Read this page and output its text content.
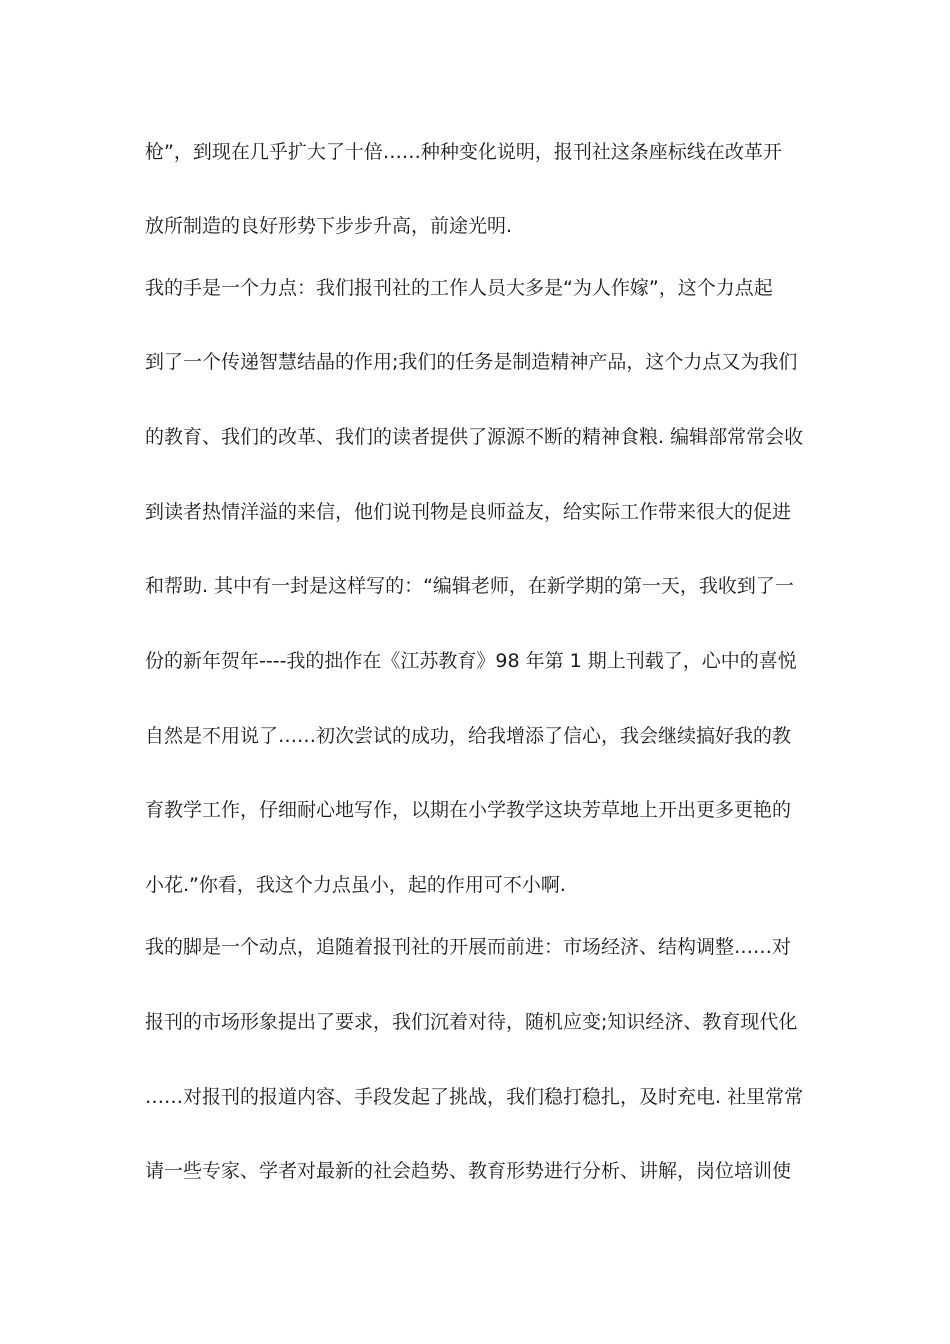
枪”，到现在几乎扩大了十倍……种种变化说明，报刊社这条座标线在改革开
放所制造的良好形势下步步升高，前途光明.
我的手是一个力点：我们报刊社的工作人员大多是“为人作嫁”，这个力点起
到了一个传递智慧结晶的作用;我们的任务是制造精神产品，这个力点又为我们
的教育、我们的改革、我们的读者提供了源源不断的精神食粮. 编辑部常常会收
到读者热情洋溢的来信，他们说刊物是良师益友，给实际工作带来很大的促进
和帮助. 其中有一封是这样写的：“编辑老师，在新学期的第一天，我收到了一
份的新年贺年----我的拙作在《江苏教育》98 年第 1 期上刊载了，心中的喜悦
自然是不用说了……初次尝试的成功，给我增添了信心，我会继续搞好我的教
育教学工作，仔细耐心地写作，以期在小学教学这块芳草地上开出更多更艳的
小花.”你看，我这个力点虽小，起的作用可不小啊.
我的脚是一个动点，追随着报刊社的开展而前进：市场经济、结构调整……对
报刊的市场形象提出了要求，我们沉着对待，随机应变;知识经济、教育现代化
……对报刊的报道内容、手段发起了挑战，我们稳打稳扎，及时充电. 社里常常
请一些专家、学者对最新的社会趋势、教育形势进行分析、讲解，岗位培训使
